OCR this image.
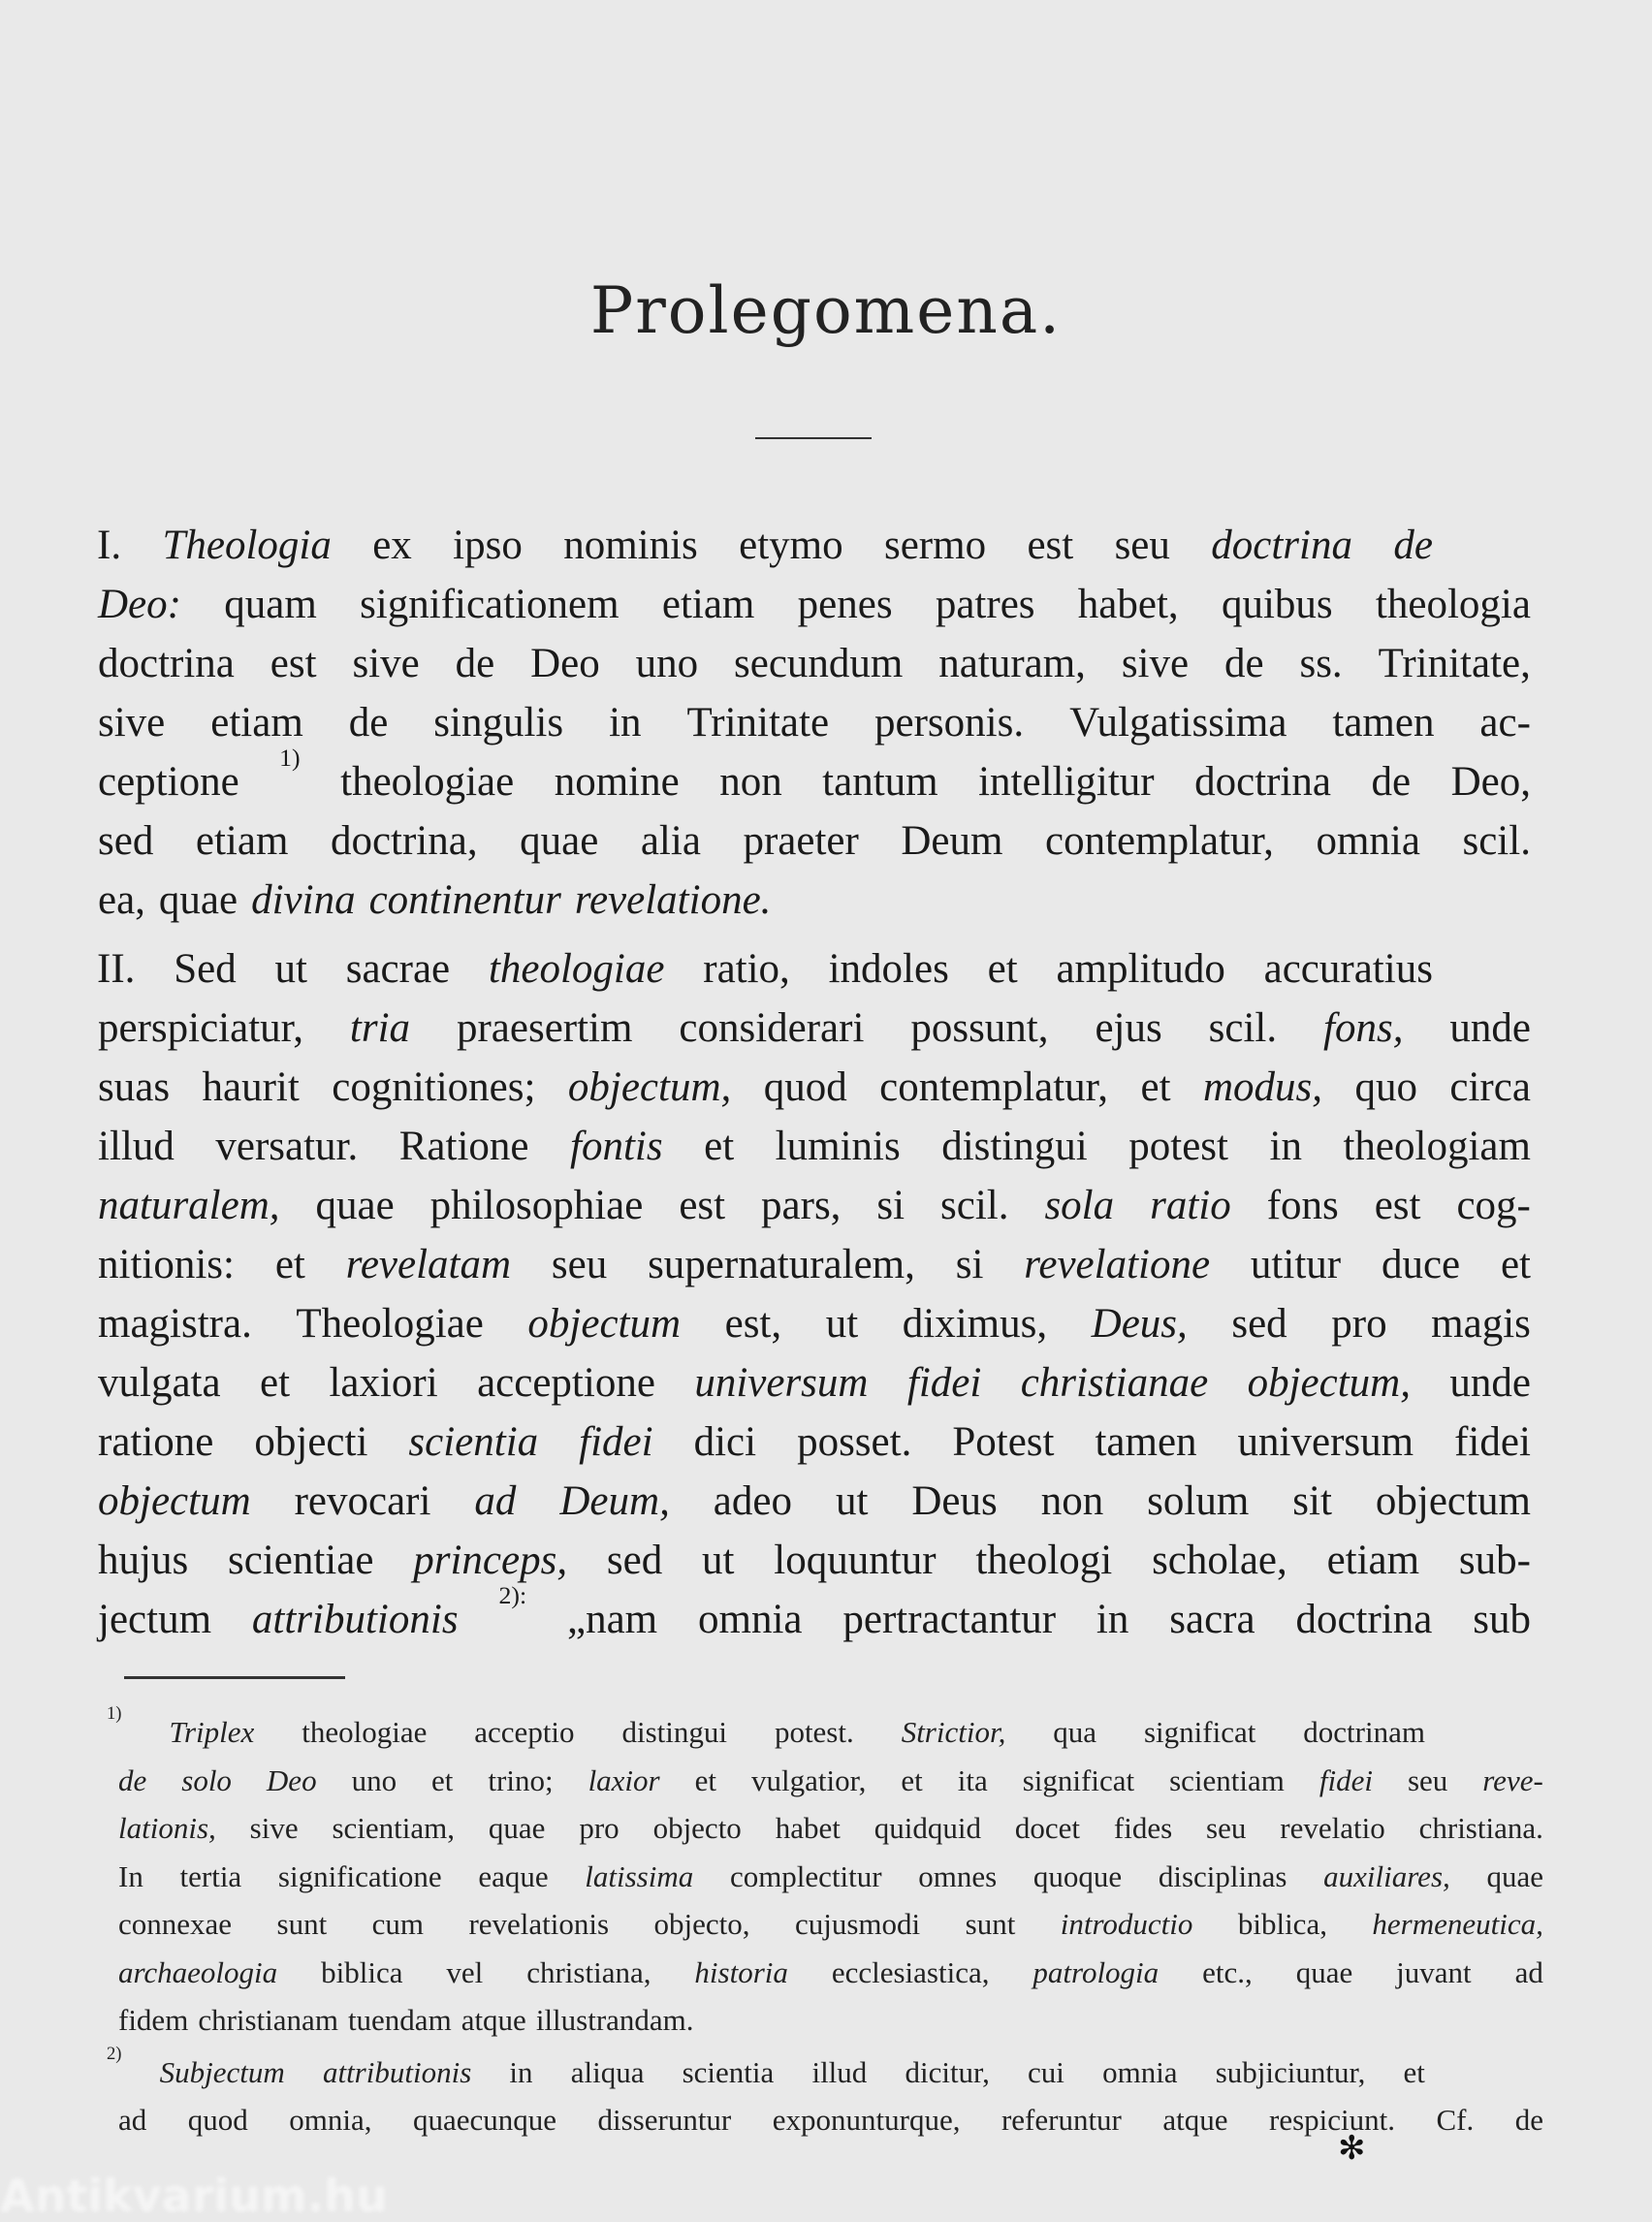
Prolegomena.
I. Theologia ex ipso nominis etymo sermo est seu doctrina de
Deo: quam significationem etiam penes patres habet, quibus theologia
doctrina est sive de Deo uno secundum naturam, sive de ss. Trinitate,
sive etiam de singulis in Trinitate personis. Vulgatissima tamen ac-
ceptione
1)
theologiae nomine non tantum intelligitur doctrina de Deo,
sed etiam doctrina, quae alia praeter Deum contemplatur, omnia scil.
ea, quae divina continentur revelatione.
II. Sed ut sacrae theologiae ratio, indoles et amplitudo accuratius
perspiciatur, tria praesertim considerari possunt, ejus scil. fons, unde
suas haurit cognitiones; objectum, quod contemplatur, et modus, quo circa
illud versatur. Ratione fontis et luminis distingui potest in theologiam
naturalem, quae philosophiae est pars, si scil. sola ratio fons est cog-
nitionis: et revelatam seu supernaturalem, si revelatione utitur duce et
magistra. Theologiae objectum est, ut diximus, Deus, sed pro magis
vulgata et laxiori acceptione universum fidei christianae objectum, unde
ratione objecti scientia fidei dici posset. Potest tamen universum fidei
objectum revocari ad Deum, adeo ut Deus non solum sit objectum
hujus scientiae princeps, sed ut loquuntur theologi scholae, etiam sub-
jectum attributionis
2):
„nam omnia pertractantur in sacra doctrina sub
1)
Triplex theologiae acceptio distingui potest. Strictior, qua significat doctrinam
de solo Deo uno et trino; laxior et vulgatior, et ita significat scientiam fidei seu reve-
lationis, sive scientiam, quae pro objecto habet quidquid docet fides seu revelatio christiana.
In tertia significatione eaque latissima complectitur omnes quoque disciplinas auxiliares, quae
connexae sunt cum revelationis objecto, cujusmodi sunt introductio biblica, hermeneutica,
archaeologia biblica vel christiana, historia ecclesiastica, patrologia etc., quae juvant ad
fidem christianam tuendam atque illustrandam.
2)
Subjectum attributionis in aliqua scientia illud dicitur, cui omnia subjiciuntur, et
ad quod omnia, quaecunque disseruntur exponunturque, referuntur atque respiciunt. Cf. de
✻
Antikvarium.hu
